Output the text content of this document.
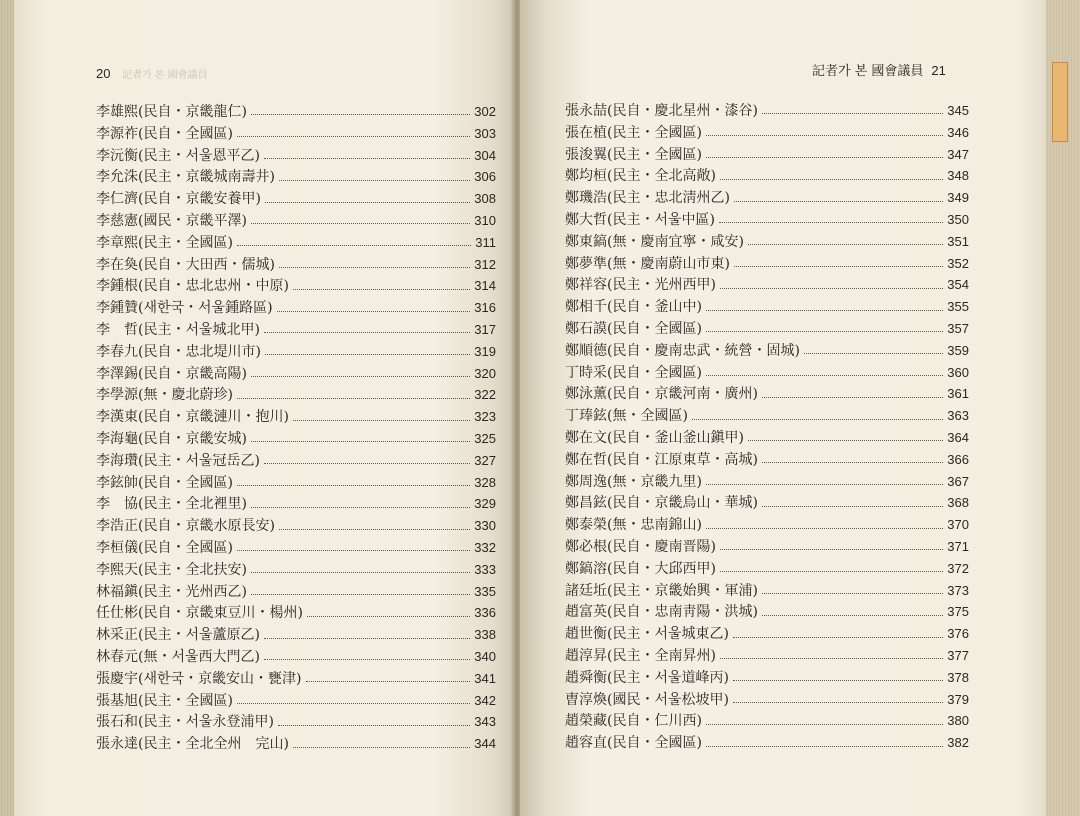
20 記者가 본 國會議員
李雄熙(民自・京畿龍仁)	302
李源祚(民自・全國區)	303
李沅衡(民主・서울恩平乙)	304
李允洙(民主・京畿城南壽井)	306
李仁濟(民自・京畿安養甲)	308
李慈憲(國民・京畿平澤)	310
李章熙(民主・全國區)	311
李在奐(民自・大田西・儒城)	312
李鍾根(民自・忠北忠州・中原)	314
李鍾贊(새한국・서울鍾路區)	316
李　哲(民主・서울城北甲)	317
李春九(民自・忠北堤川市)	319
李澤錫(民自・京畿高陽)	320
李學源(無・慶北蔚珍)	322
李漢東(民自・京畿漣川・抱川)	323
李海龜(民自・京畿安城)	325
李海瓚(民主・서울冠岳乙)	327
李鉉帥(民自・全國區)	328
李　協(民主・全北裡里)	329
李浩正(民自・京畿水原長安)	330
李桓儀(民自・全國區)	332
李熙天(民主・全北扶安)	333
林福鎭(民主・光州西乙)	335
任仕彬(民自・京畿東豆川・楊州)	336
林采正(民主・서울蘆原乙)	338
林春元(無・서울西大門乙)	340
張慶宇(새한국・京畿安山・甕津)	341
張基旭(民主・全國區)	342
張石和(民主・서울永登浦甲)	343
張永達(民主・全北全州　完山)	344
記者가 본 國會議員 21
張永喆(民自・慶北星州・漆谷)	345
張在植(民主・全國區)	346
張浚翼(民主・全國區)	347
鄭均桓(民主・全北高敞)	348
鄭璣浩(民主・忠北淸州乙)	349
鄭大哲(民主・서울中區)	350
鄭東鎬(無・慶南宜寧・咸安)	351
鄭夢準(無・慶南蔚山市東)	352
鄭祥容(民主・光州西甲)	354
鄭相千(民自・釜山中)	355
鄭石謨(民自・全國區)	357
鄭順德(民自・慶南忠武・統營・固城)	359
丁時采(民自・全國區)	360
鄭泳薰(民自・京畿河南・廣州)	361
丁琫鉉(無・全國區)	363
鄭在文(民自・釜山釜山鎭甲)	364
鄭在哲(民自・江原東草・高城)	366
鄭周逸(無・京畿九里)	367
鄭昌鉉(民自・京畿烏山・華城)	368
鄭泰榮(無・忠南錦山)	370
鄭必根(民自・慶南晋陽)	371
鄭鎬溶(民自・大邱西甲)	372
諸廷坵(民主・京畿始興・軍浦)	373
趙富英(民自・忠南靑陽・洪城)	375
趙世衡(民主・서울城東乙)	376
趙淳昇(民主・全南昇州)	377
趙舜衡(民主・서울道峰丙)	378
曺淳煥(國民・서울松坡甲)	379
趙榮藏(民自・仁川西)	380
趙容直(民自・全國區)	382
